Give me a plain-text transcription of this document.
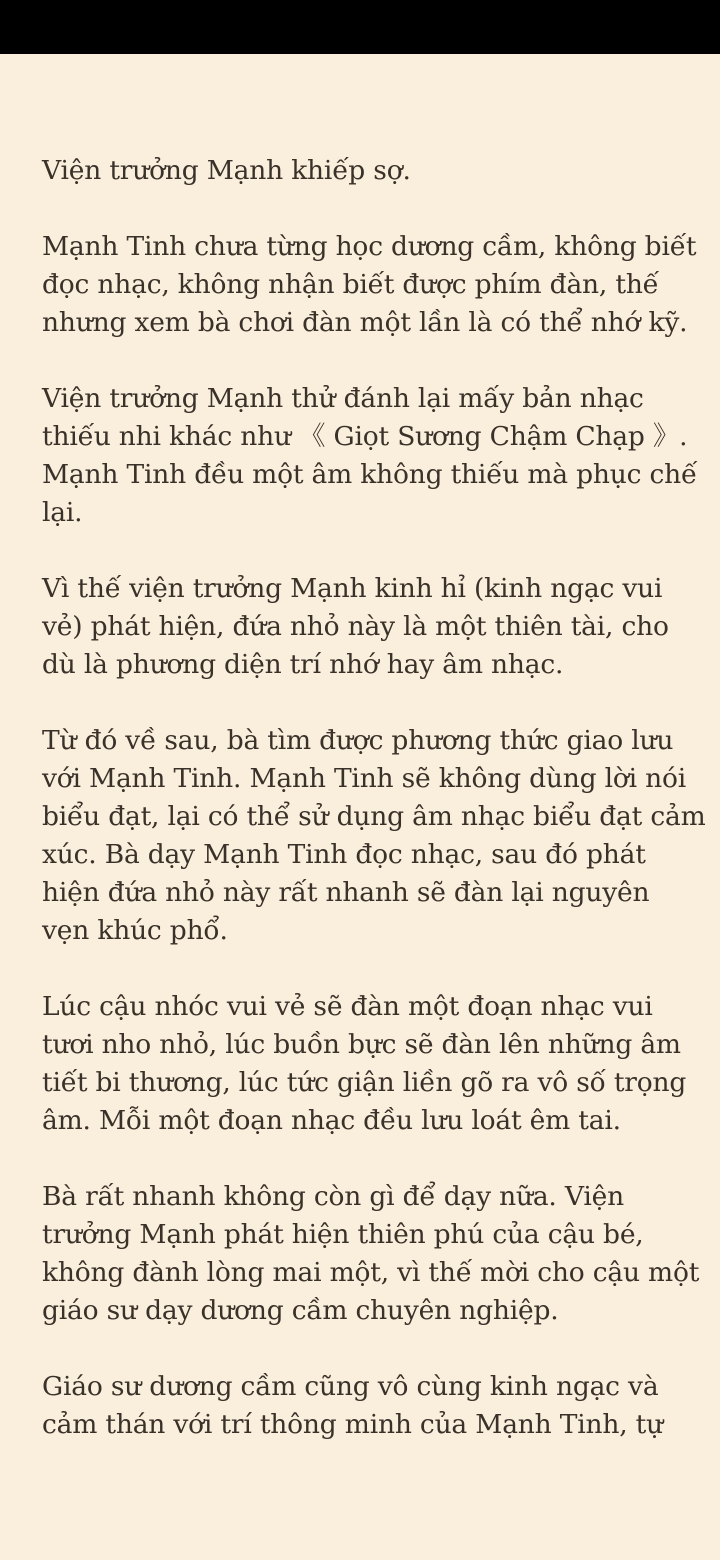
Viện trưởng Mạnh khiếp sợ.
Mạnh Tinh chưa từng học dương cầm, không biết
đọc nhạc, không nhận biết được phím đàn, thế
nhưng xem bà chơi đàn một lần là có thể nhớ kỹ.
Viện trưởng Mạnh thử đánh lại mấy bản nhạc
thiếu nhi khác như 《 Giọt Sương Chậm Chạp 》.
Mạnh Tinh đều một âm không thiếu mà phục chế
lại.
Vì thế viện trưởng Mạnh kinh hỉ (kinh ngạc vui
vẻ) phát hiện, đứa nhỏ này là một thiên tài, cho
dù là phương diện trí nhớ hay âm nhạc.
Từ đó về sau, bà tìm được phương thức giao lưu
với Mạnh Tinh. Mạnh Tinh sẽ không dùng lời nói
biểu đạt, lại có thể sử dụng âm nhạc biểu đạt cảm
xúc. Bà dạy Mạnh Tinh đọc nhạc, sau đó phát
hiện đứa nhỏ này rất nhanh sẽ đàn lại nguyên
vẹn khúc phổ.
Lúc cậu nhóc vui vẻ sẽ đàn một đoạn nhạc vui
tươi nho nhỏ, lúc buồn bực sẽ đàn lên những âm
tiết bi thương, lúc tức giận liền gõ ra vô số trọng
âm. Mỗi một đoạn nhạc đều lưu loát êm tai.
Bà rất nhanh không còn gì để dạy nữa. Viện
trưởng Mạnh phát hiện thiên phú của cậu bé,
không đành lòng mai một, vì thế mời cho cậu một
giáo sư dạy dương cầm chuyên nghiệp.
Giáo sư dương cầm cũng vô cùng kinh ngạc và
cảm thán với trí thông minh của Mạnh Tinh, tự
